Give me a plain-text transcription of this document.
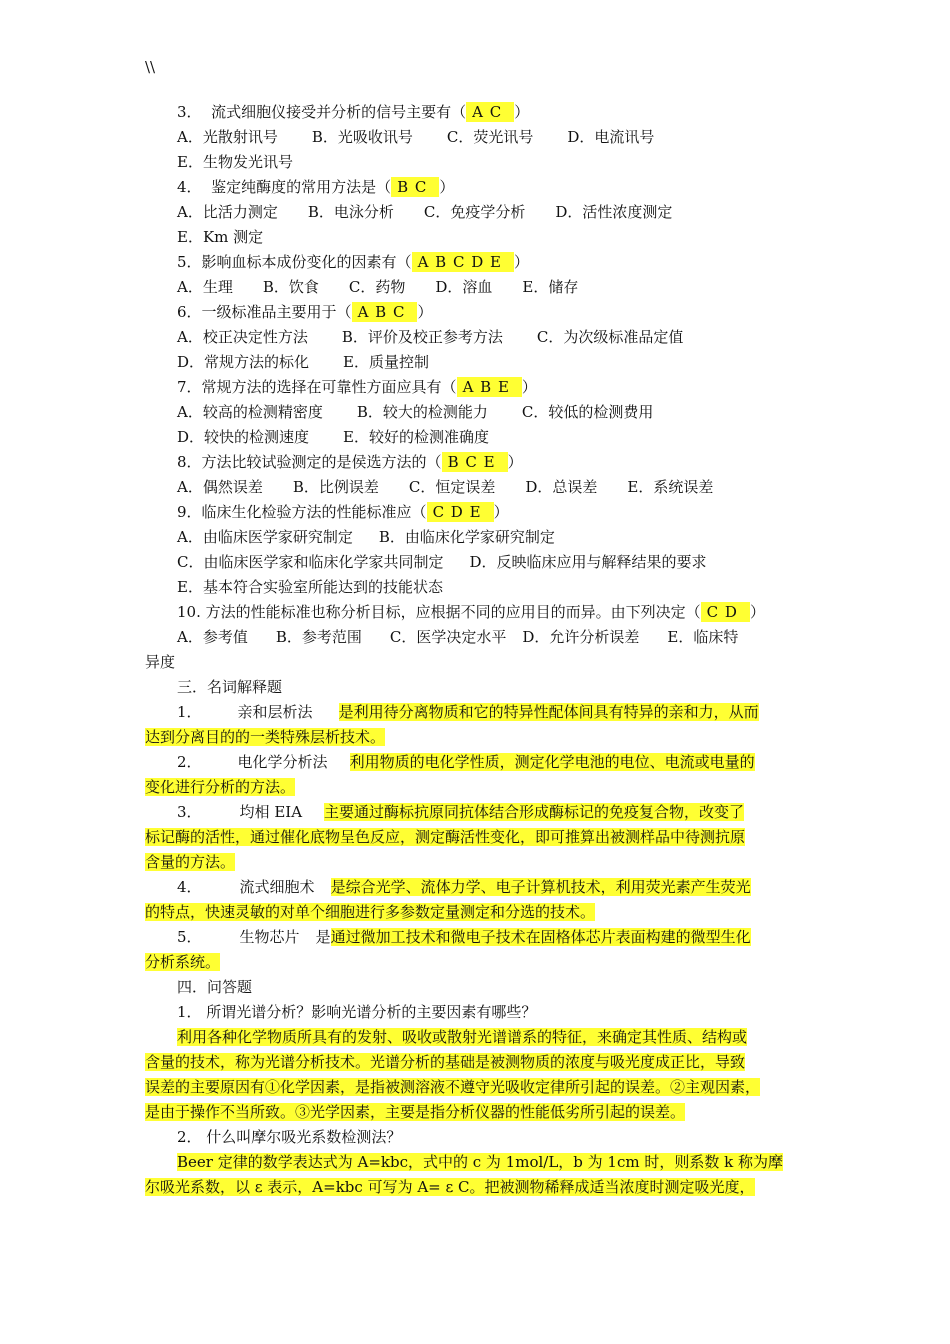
\\
3． 流式细胞仪接受并分析的信号主要有（ A C ）
A．光散射讯号 B．光吸收讯号 C．荧光讯号 D．电流讯号
E．生物发光讯号
4． 鉴定纯酶度的常用方法是（ B C ）
A．比活力测定 B．电泳分析 C．免疫学分析 D．活性浓度测定
E．Km 测定
5．影响血标本成份变化的因素有（ A B C D E ）
A．生理 B．饮食 C．药物 D．溶血 E．储存
6．一级标准品主要用于（ A B C ）
A．校正决定性方法 B．评价及校正参考方法 C．为次级标准品定值
D．常规方法的标化 E．质量控制
7．常规方法的选择在可靠性方面应具有（ A B E ）
A．较高的检测精密度 B．较大的检测能力 C．较低的检测费用
D．较快的检测速度 E．较好的检测准确度
8．方法比较试验测定的是侯选方法的（ B C E ）
A．偶然误差 B．比例误差 C．恒定误差 D．总误差 E．系统误差
9．临床生化检验方法的性能标准应（ C D E ）
A．由临床医学家研究制定 B．由临床化学家研究制定
C．由临床医学家和临床化学家共同制定 D．反映临床应用与解释结果的要求
E．基本符合实验室所能达到的技能状态
10. 方法的性能标准也称分析目标，应根据不同的应用目的而异。由下列决定（ C D ）
A．参考值 B．参考范围 C．医学决定水平 D．允许分析误差 E．临床特
异度
三．名词解释题
1． 亲和层析法 是利用待分离物质和它的特异性配体间具有特异的亲和力，从而
达到分离目的的一类特殊层析技术。
2． 电化学分析法 利用物质的电化学性质，测定化学电池的电位、电流或电量的
变化进行分析的方法。
3．	均相 EIA 主要通过酶标抗原同抗体结合形成酶标记的免疫复合物，改变了
标记酶的活性，通过催化底物呈色反应，测定酶活性变化，即可推算出被测样品中待测抗原
含量的方法。
4．	流式细胞术 是综合光学、流体力学、电子计算机技术，利用荧光素产生荧光
的特点，快速灵敏的对单个细胞进行多参数定量测定和分选的技术。
5．	生物芯片 是通过微加工技术和微电子技术在固格体芯片表面构建的微型生化
分析系统。
四．问答题
1． 所谓光谱分析？影响光谱分析的主要因素有哪些？
利用各种化学物质所具有的发射、吸收或散射光谱谱系的特征，来确定其性质、结构或
含量的技术，称为光谱分析技术。光谱分析的基础是被测物质的浓度与吸光度成正比，导致
误差的主要原因有①化学因素，是指被测溶液不遵守光吸收定律所引起的误差。②主观因素，
是由于操作不当所致。③光学因素，主要是指分析仪器的性能低劣所引起的误差。
2． 什么叫摩尔吸光系数检测法？
Beer 定律的数学表达式为 A=kbc，式中的 c 为 1mol/L，b 为 1cm 时，则系数 k 称为摩
尔吸光系数，以 ε 表示，A=kbc 可写为 A= ε C。把被测物稀释成适当浓度时测定吸光度，
